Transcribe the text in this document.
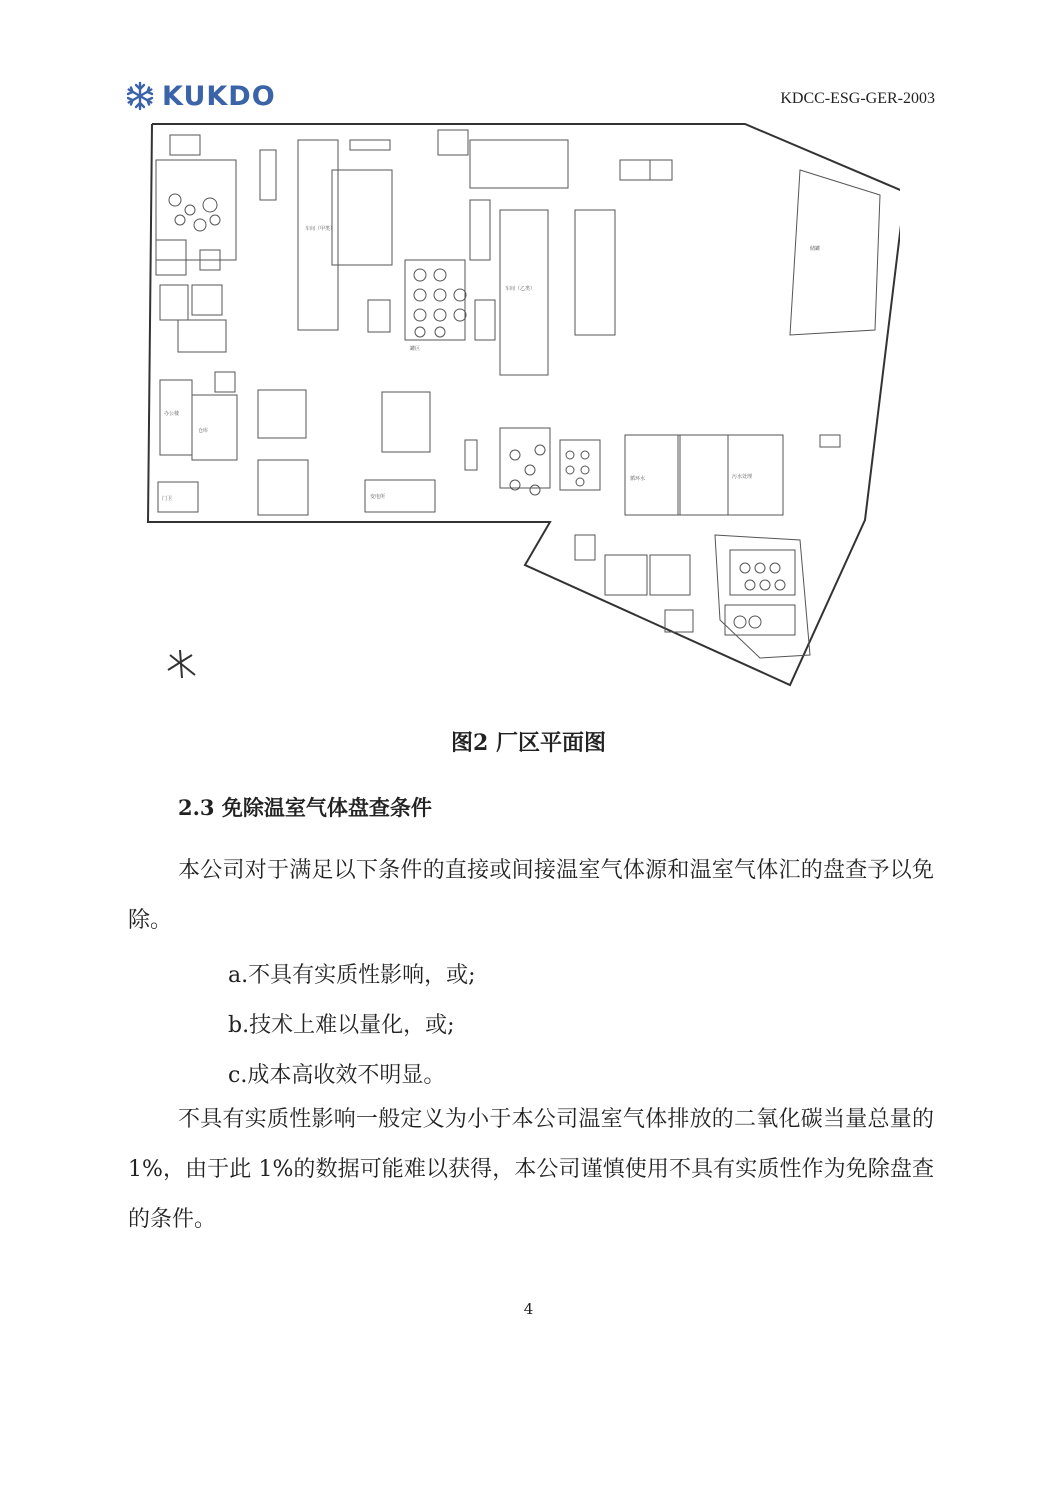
KUKDO	KDCC-ESG-GER-2003
办公楼
仓库
罐区
储罐
变电所
门卫
车间（甲类）
车间（乙类）
循环水	污水处理
图2 厂区平面图
2.3 免除温室气体盘查条件
本公司对于满足以下条件的直接或间接温室气体源和温室气体汇的盘查予以免除。
a.不具有实质性影响，或;
b.技术上难以量化，或;
c.成本高收效不明显。
不具有实质性影响一般定义为小于本公司温室气体排放的二氧化碳当量总量的 1%，由于此 1%的数据可能难以获得，本公司谨慎使用不具有实质性作为免除盘查的条件。
4
